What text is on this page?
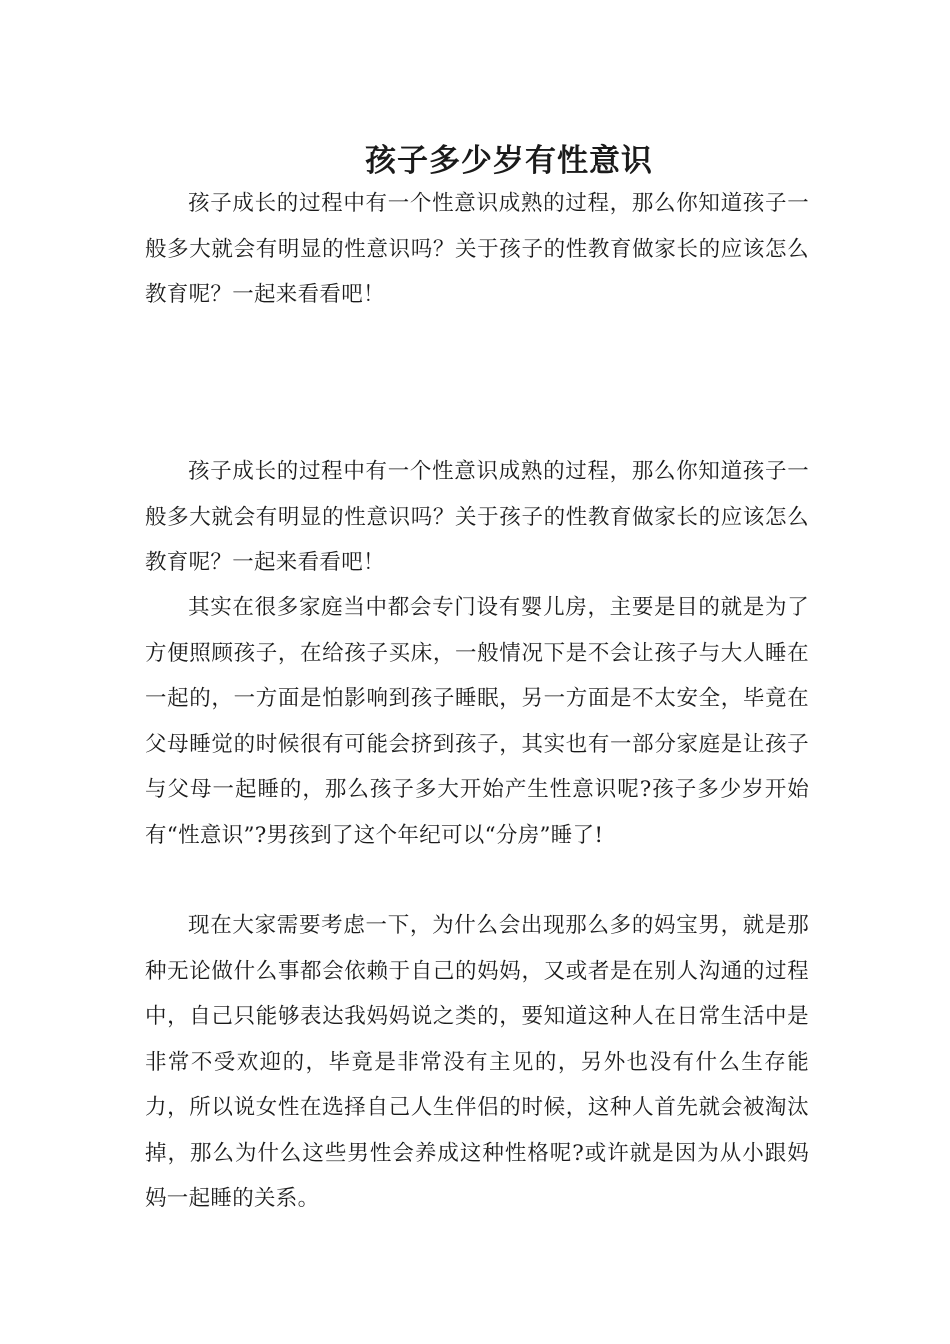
孩子多少岁有性意识

孩子成长的过程中有一个性意识成熟的过程，那么你知道孩子一般多大就会有明显的性意识吗？关于孩子的性教育做家长的应该怎么教育呢？一起来看看吧！

孩子成长的过程中有一个性意识成熟的过程，那么你知道孩子一般多大就会有明显的性意识吗？关于孩子的性教育做家长的应该怎么教育呢？一起来看看吧！

其实在很多家庭当中都会专门设有婴儿房，主要是目的就是为了方便照顾孩子，在给孩子买床，一般情况下是不会让孩子与大人睡在一起的，一方面是怕影响到孩子睡眠，另一方面是不太安全，毕竟在父母睡觉的时候很有可能会挤到孩子，其实也有一部分家庭是让孩子与父母一起睡的，那么孩子多大开始产生性意识呢?孩子多少岁开始有“性意识”?男孩到了这个年纪可以“分房”睡了!

现在大家需要考虑一下，为什么会出现那么多的妈宝男，就是那种无论做什么事都会依赖于自己的妈妈，又或者是在别人沟通的过程中，自己只能够表达我妈妈说之类的，要知道这种人在日常生活中是非常不受欢迎的，毕竟是非常没有主见的，另外也没有什么生存能力，所以说女性在选择自己人生伴侣的时候，这种人首先就会被淘汰掉，那么为什么这些男性会养成这种性格呢?或许就是因为从小跟妈妈一起睡的关系。
